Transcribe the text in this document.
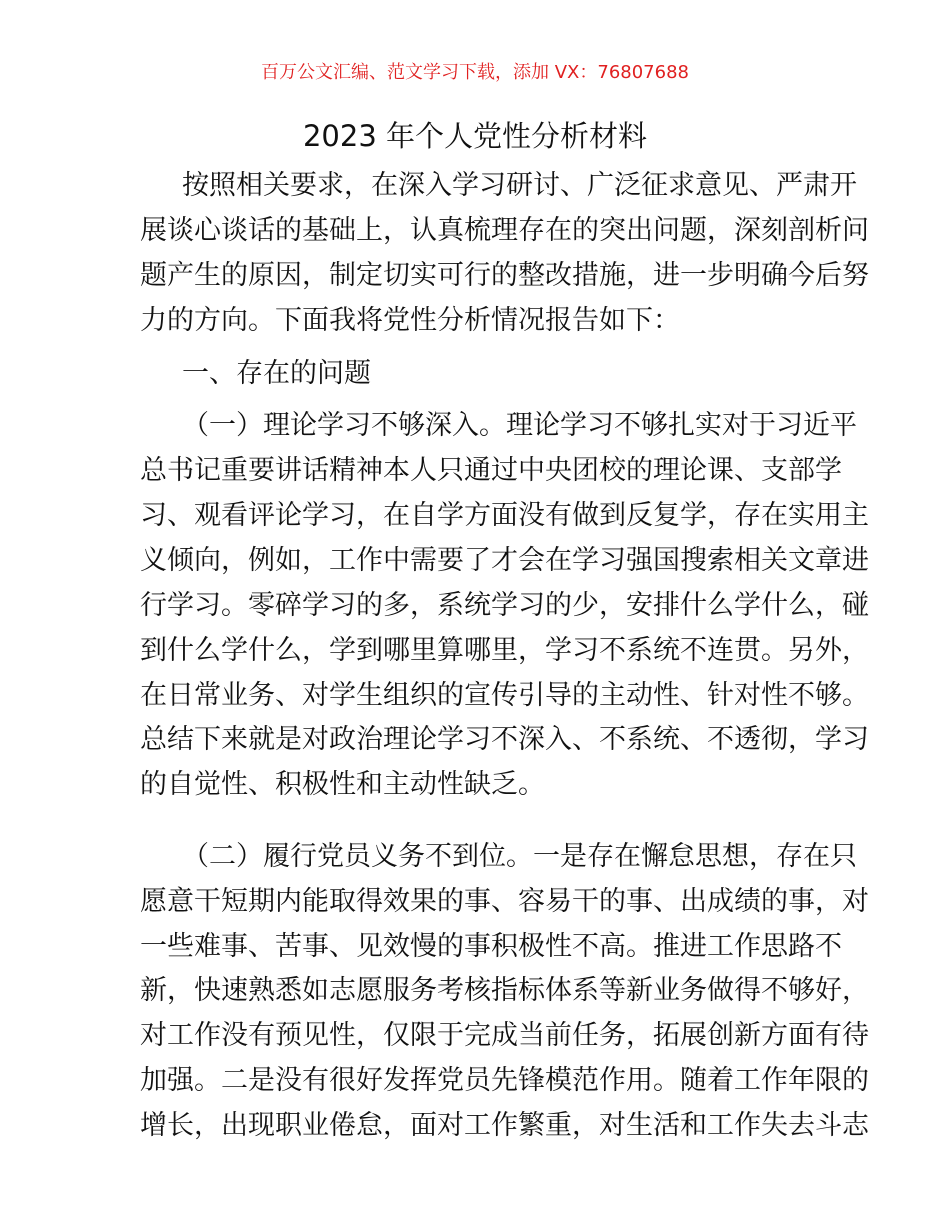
百万公文汇编、范文学习下载，添加 VX：76807688
2023 年个人党性分析材料
按照相关要求，在深入学习研讨、广泛征求意见、严肃开
展谈心谈话的基础上，认真梳理存在的突出问题，深刻剖析问
题产生的原因，制定切实可行的整改措施，进一步明确今后努
力的方向。下面我将党性分析情况报告如下：
一、存在的问题
（一）理论学习不够深入。理论学习不够扎实对于习近平
总书记重要讲话精神本人只通过中央团校的理论课、支部学
习、观看评论学习，在自学方面没有做到反复学，存在实用主
义倾向，例如，工作中需要了才会在学习强国搜索相关文章进
行学习。零碎学习的多，系统学习的少，安排什么学什么，碰
到什么学什么，学到哪里算哪里，学习不系统不连贯。另外，
在日常业务、对学生组织的宣传引导的主动性、针对性不够。
总结下来就是对政治理论学习不深入、不系统、不透彻，学习
的自觉性、积极性和主动性缺乏。
（二）履行党员义务不到位。一是存在懈怠思想，存在只
愿意干短期内能取得效果的事、容易干的事、出成绩的事，对
一些难事、苦事、见效慢的事积极性不高。推进工作思路不
新，快速熟悉如志愿服务考核指标体系等新业务做得不够好，
对工作没有预见性，仅限于完成当前任务，拓展创新方面有待
加强。二是没有很好发挥党员先锋模范作用。随着工作年限的
增长，出现职业倦怠，面对工作繁重，对生活和工作失去斗志
